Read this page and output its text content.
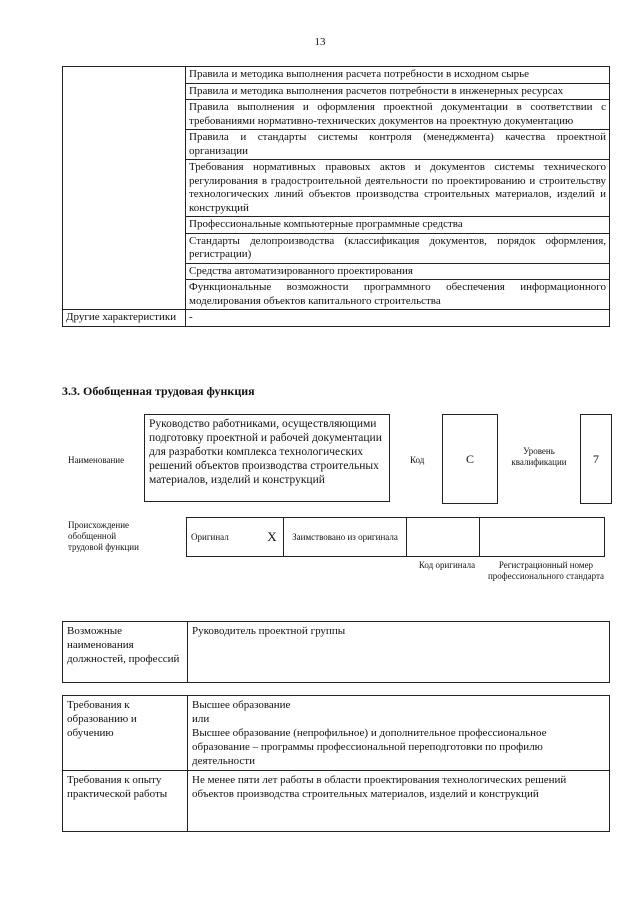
13
	Правила и методика выполнения расчета потребности в исходном сырье
	Правила и методика выполнения расчетов потребности в инженерных ресурсах
	Правила выполнения и оформления проектной документации в соответствии с требованиями нормативно-технических документов на проектную документацию
	Правила и стандарты системы контроля (менеджмента) качества проектной организации
	Требования нормативных правовых актов и документов системы технического регулирования в градостроительной деятельности по проектированию и строительству технологических линий объектов производства строительных материалов, изделий и конструкций
	Профессиональные компьютерные программные средства
	Стандарты делопроизводства (классификация документов, порядок оформления, регистрации)
	Средства автоматизированного проектирования
	Функциональные возможности программного обеспечения информационного моделирования объектов капитального строительства
Другие характеристики	-
3.3. Обобщенная трудовая функция
Наименование
Руководство работниками, осуществляющими подготовку проектной и рабочей документации для разработки комплекса технологических решений объектов производства строительных материалов, изделий и конструкций
Код	C
Уровень квалификации	7
Происхождение обобщенной трудовой функции
Оригинал	X	Заимствовано из оригинала		
Код оригинала	Регистрационный номер профессионального стандарта
Возможные наименования должностей, профессий	Руководитель проектной группы
Требования к образованию и обучению	Высшее образование
или
Высшее образование (непрофильное) и дополнительное профессиональное образование – программы профессиональной переподготовки по профилю деятельности

Требования к опыту практической работы	Не менее пяти лет работы в области проектирования технологических решений объектов производства строительных материалов, изделий и конструкций
